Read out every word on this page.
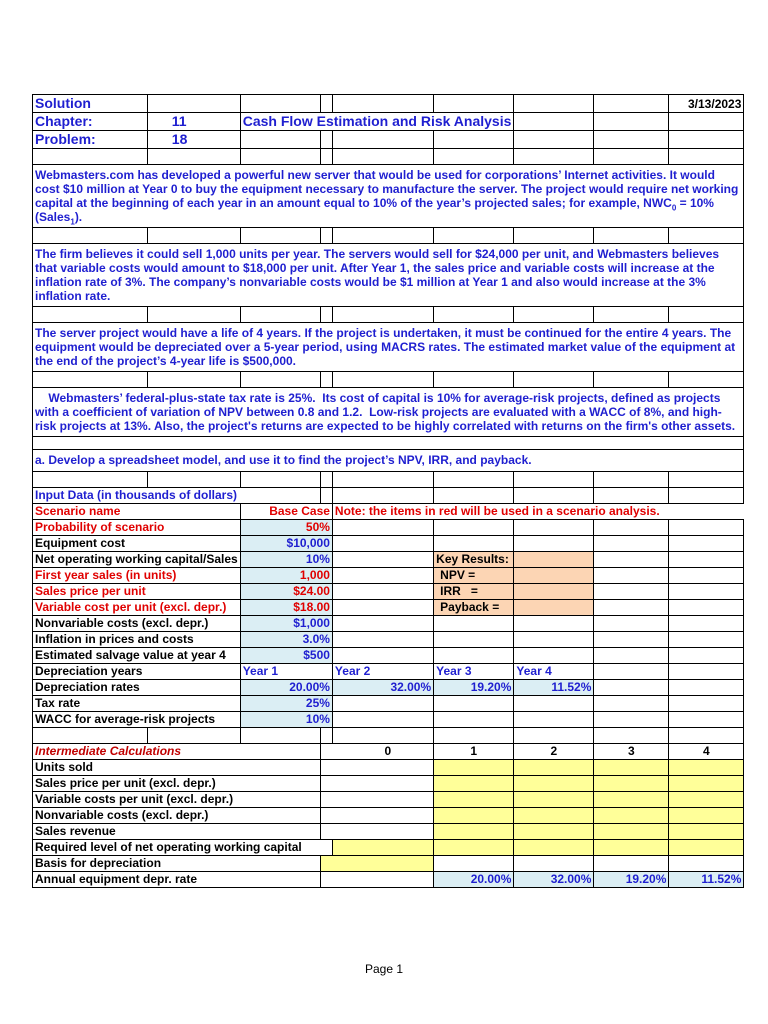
Solution								3/13/2023
Chapter:	11	Cash Flow Estimation and Risk Analysis						
Problem:	18							

Webmasters.com has developed a powerful new server that would be used for corporations’ Internet activities. It would cost $10 million at Year 0 to buy the equipment necessary to manufacture the server. The project would require net working capital at the beginning of each year in an amount equal to 10% of the year’s projected sales; for example, $NWC_0$ = 10%(Sales$_1$).								

The firm believes it could sell 1,000 units per year. The servers would sell for $24,000 per unit, and Webmasters believes that variable costs would amount to $18,000 per unit. After Year 1, the sales price and variable costs will increase at the inflation rate of 3%. The company’s nonvariable costs would be $1 million at Year 1 and also would increase at the 3% inflation rate.								

The server project would have a life of 4 years. If the project is undertaken, it must be continued for the entire 4 years. The equipment would be depreciated over a 5-year period, using MACRS rates. The estimated market value of the equipment at the end of the project’s 4-year life is $500,000.								

Webmasters’ federal-plus-state tax rate is 25%.  Its cost of capital is 10% for average-risk projects, defined as projects with a coefficient of variation of NPV between 0.8 and 1.2.  Low-risk projects are evaluated with a WACC of 8%, and high-risk projects at 13%. Also, the project's returns are expected to be highly correlated with returns on the firm's other assets.								

a. Develop a spreadsheet model, and use it to find the project’s NPV, IRR, and payback.								

Input Data (in thousands of dollars)								
Scenario name		Base Case		Note: the items in red will be used in a scenario analysis.				
Probability of scenario		50%						
Equipment cost		$10,000						
Net operating working capital/Sales		10%			Key Results:			
First year sales (in units)		1,000			NPV =			
Sales price per unit		$24.00			IRR   =			
Variable cost per unit (excl. depr.)		$18.00			Payback =			
Nonvariable costs (excl. depr.)		$1,000						
Inflation in prices and costs		3.0%						
Estimated salvage value at year 4		$500						
Depreciation years		Year 1		Year 2	Year 3	Year 4		
Depreciation rates		20.00%		32.00%	19.20%	11.52%		
Tax rate		25%						
WACC for average-risk projects		10%						

Intermediate Calculations			0		1	2	3	4
Units sold								
Sales price per unit (excl. depr.)								
Variable costs per unit (excl. depr.)								
Nonvariable costs (excl. depr.)								
Sales revenue								
Required level of net operating working capital								
Basis for depreciation								
Annual equipment depr. rate					20.00%	32.00%	19.20%	11.52%
Page 1
